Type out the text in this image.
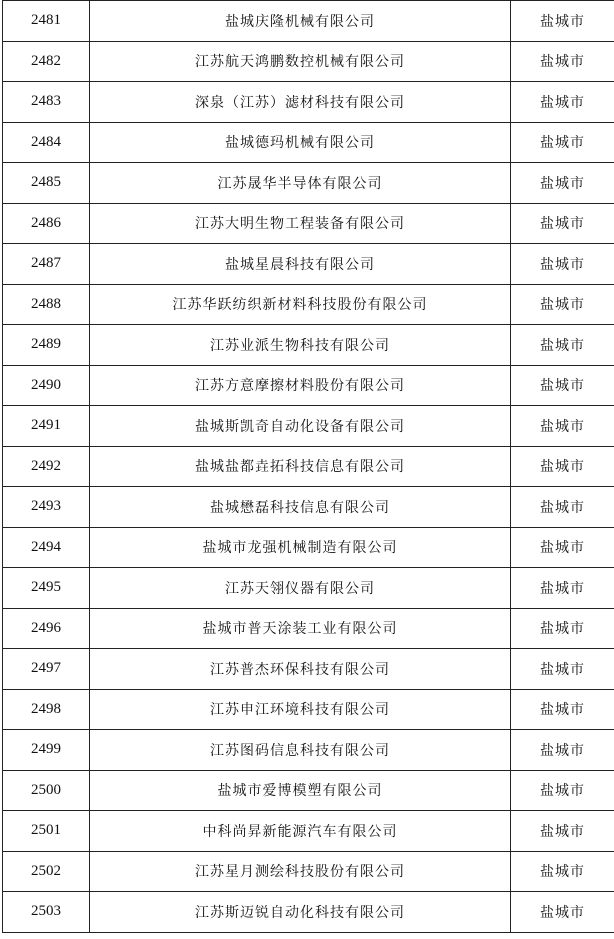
2481	盐城庆隆机械有限公司	盐城市
2482	江苏航天鸿鹏数控机械有限公司	盐城市
2483	深泉（江苏）滤材科技有限公司	盐城市
2484	盐城德玛机械有限公司	盐城市
2485	江苏晟华半导体有限公司	盐城市
2486	江苏大明生物工程装备有限公司	盐城市
2487	盐城星晨科技有限公司	盐城市
2488	江苏华跃纺织新材料科技股份有限公司	盐城市
2489	江苏业派生物科技有限公司	盐城市
2490	江苏方意摩擦材料股份有限公司	盐城市
2491	盐城斯凯奇自动化设备有限公司	盐城市
2492	盐城盐都垚拓科技信息有限公司	盐城市
2493	盐城懋磊科技信息有限公司	盐城市
2494	盐城市龙强机械制造有限公司	盐城市
2495	江苏天翎仪器有限公司	盐城市
2496	盐城市普天涂装工业有限公司	盐城市
2497	江苏普杰环保科技有限公司	盐城市
2498	江苏申江环境科技有限公司	盐城市
2499	江苏图码信息科技有限公司	盐城市
2500	盐城市爱博模塑有限公司	盐城市
2501	中科尚昇新能源汽车有限公司	盐城市
2502	江苏星月测绘科技股份有限公司	盐城市
2503	江苏斯迈锐自动化科技有限公司	盐城市
